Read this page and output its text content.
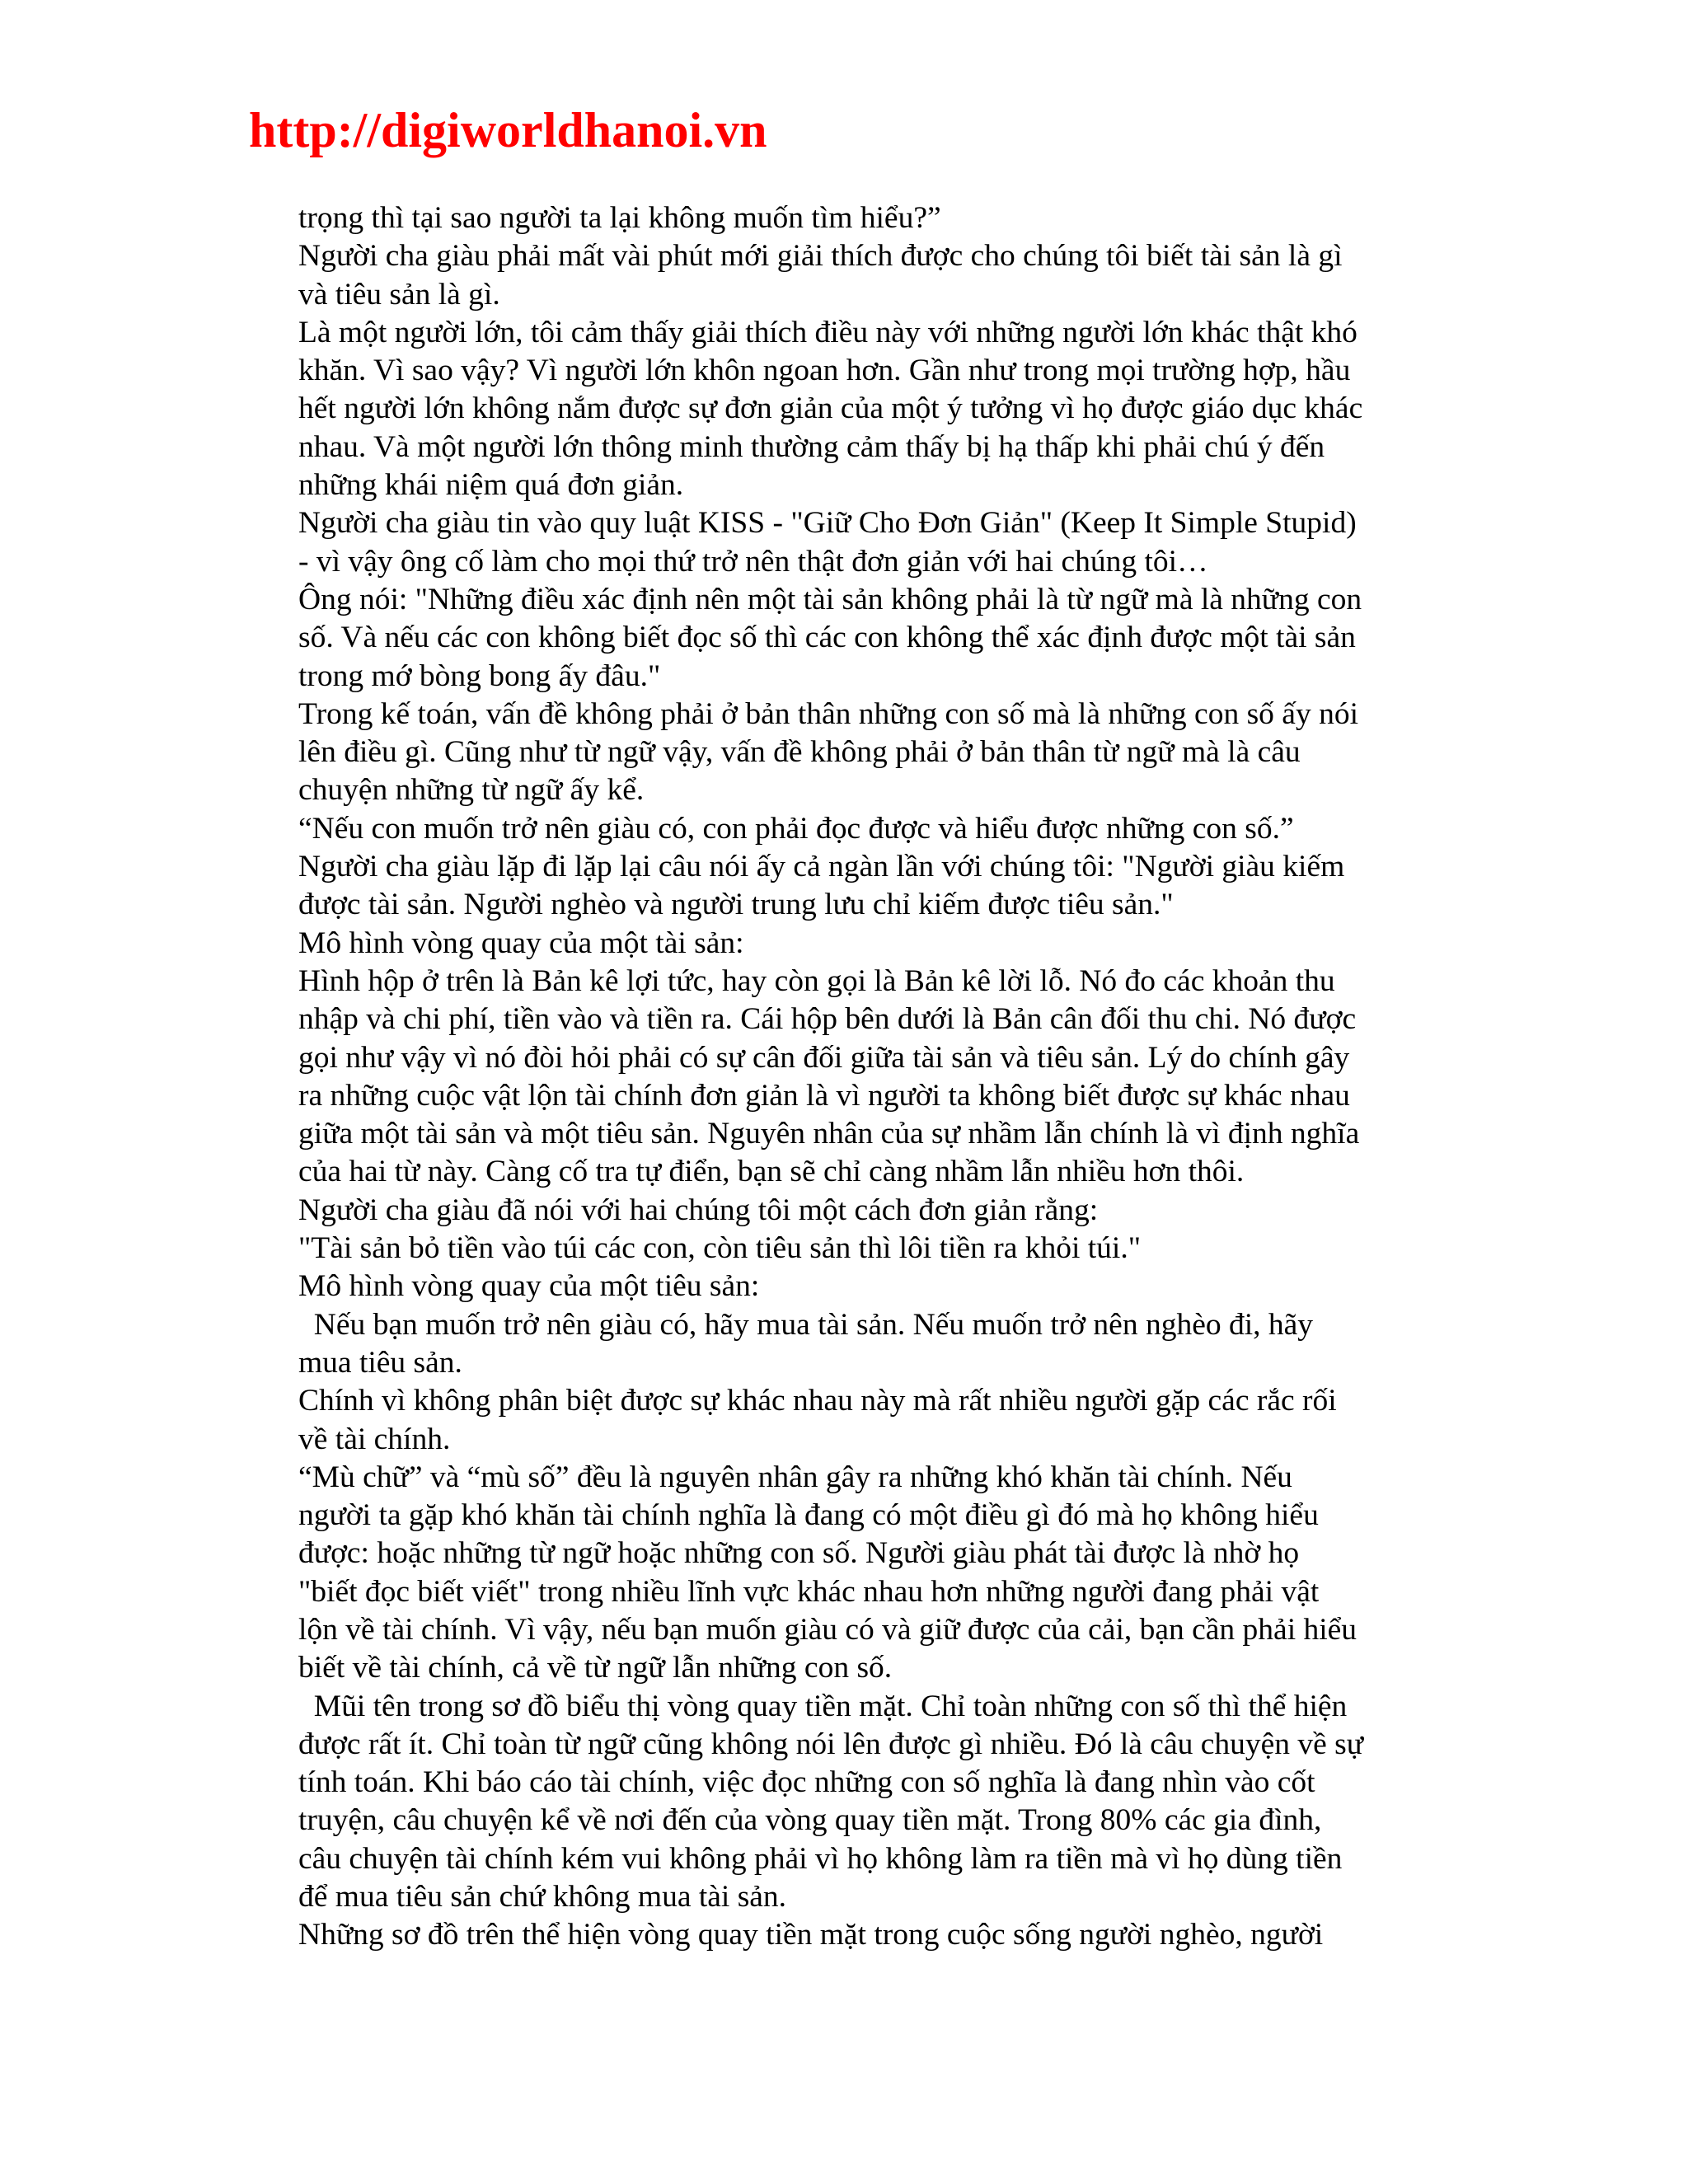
http://digiworldhanoi.vn
trọng thì tại sao người ta lại không muốn tìm hiểu?”
Người cha giàu phải mất vài phút mới giải thích được cho chúng tôi biết tài sản là gì
và tiêu sản là gì.
Là một người lớn, tôi cảm thấy giải thích điều này với những người lớn khác thật khó
khăn. Vì sao vậy? Vì người lớn khôn ngoan hơn. Gần như trong mọi trường hợp, hầu
hết người lớn không nắm được sự đơn giản của một ý tưởng vì họ được giáo dục khác
nhau. Và một người lớn thông minh thường cảm thấy bị hạ thấp khi phải chú ý đến
những khái niệm quá đơn giản.
Người cha giàu tin vào quy luật KISS - "Giữ Cho Đơn Giản" (Keep It Simple Stupid)
- vì vậy ông cố làm cho mọi thứ trở nên thật đơn giản với hai chúng tôi…
Ông nói: "Những điều xác định nên một tài sản không phải là từ ngữ mà là những con
số. Và nếu các con không biết đọc số thì các con không thể xác định được một tài sản
trong mớ bòng bong ấy đâu."
Trong kế toán, vấn đề không phải ở bản thân những con số mà là những con số ấy nói
lên điều gì. Cũng như từ ngữ vậy, vấn đề không phải ở bản thân từ ngữ mà là câu
chuyện những từ ngữ ấy kể.
“Nếu con muốn trở nên giàu có, con phải đọc được và hiểu được những con số.”
Người cha giàu lặp đi lặp lại câu nói ấy cả ngàn lần với chúng tôi: "Người giàu kiếm
được tài sản. Người nghèo và người trung lưu chỉ kiếm được tiêu sản."
Mô hình vòng quay của một tài sản:
Hình hộp ở trên là Bản kê lợi tức, hay còn gọi là Bản kê lời lỗ. Nó đo các khoản thu
nhập và chi phí, tiền vào và tiền ra. Cái hộp bên dưới là Bản cân đối thu chi. Nó được
gọi như vậy vì nó đòi hỏi phải có sự cân đối giữa tài sản và tiêu sản. Lý do chính gây
ra những cuộc vật lộn tài chính đơn giản là vì người ta không biết được sự khác nhau
giữa một tài sản và một tiêu sản. Nguyên nhân của sự nhầm lẫn chính là vì định nghĩa
của hai từ này. Càng cố tra tự điển, bạn sẽ chỉ càng nhầm lẫn nhiều hơn thôi.
Người cha giàu đã nói với hai chúng tôi một cách đơn giản rằng:
"Tài sản bỏ tiền vào túi các con, còn tiêu sản thì lôi tiền ra khỏi túi."
Mô hình vòng quay của một tiêu sản:
Nếu bạn muốn trở nên giàu có, hãy mua tài sản. Nếu muốn trở nên nghèo đi, hãy
mua tiêu sản.
Chính vì không phân biệt được sự khác nhau này mà rất nhiều người gặp các rắc rối
về tài chính.
“Mù chữ” và “mù số” đều là nguyên nhân gây ra những khó khăn tài chính. Nếu
người ta gặp khó khăn tài chính nghĩa là đang có một điều gì đó mà họ không hiểu
được: hoặc những từ ngữ hoặc những con số. Người giàu phát tài được là nhờ họ
"biết đọc biết viết" trong nhiều lĩnh vực khác nhau hơn những người đang phải vật
lộn về tài chính. Vì vậy, nếu bạn muốn giàu có và giữ được của cải, bạn cần phải hiểu
biết về tài chính, cả về từ ngữ lẫn những con số.
Mũi tên trong sơ đồ biểu thị vòng quay tiền mặt. Chỉ toàn những con số thì thể hiện
được rất ít. Chỉ toàn từ ngữ cũng không nói lên được gì nhiều. Đó là câu chuyện về sự
tính toán. Khi báo cáo tài chính, việc đọc những con số nghĩa là đang nhìn vào cốt
truyện, câu chuyện kể về nơi đến của vòng quay tiền mặt. Trong 80% các gia đình,
câu chuyện tài chính kém vui không phải vì họ không làm ra tiền mà vì họ dùng tiền
để mua tiêu sản chứ không mua tài sản.
Những sơ đồ trên thể hiện vòng quay tiền mặt trong cuộc sống người nghèo, người
